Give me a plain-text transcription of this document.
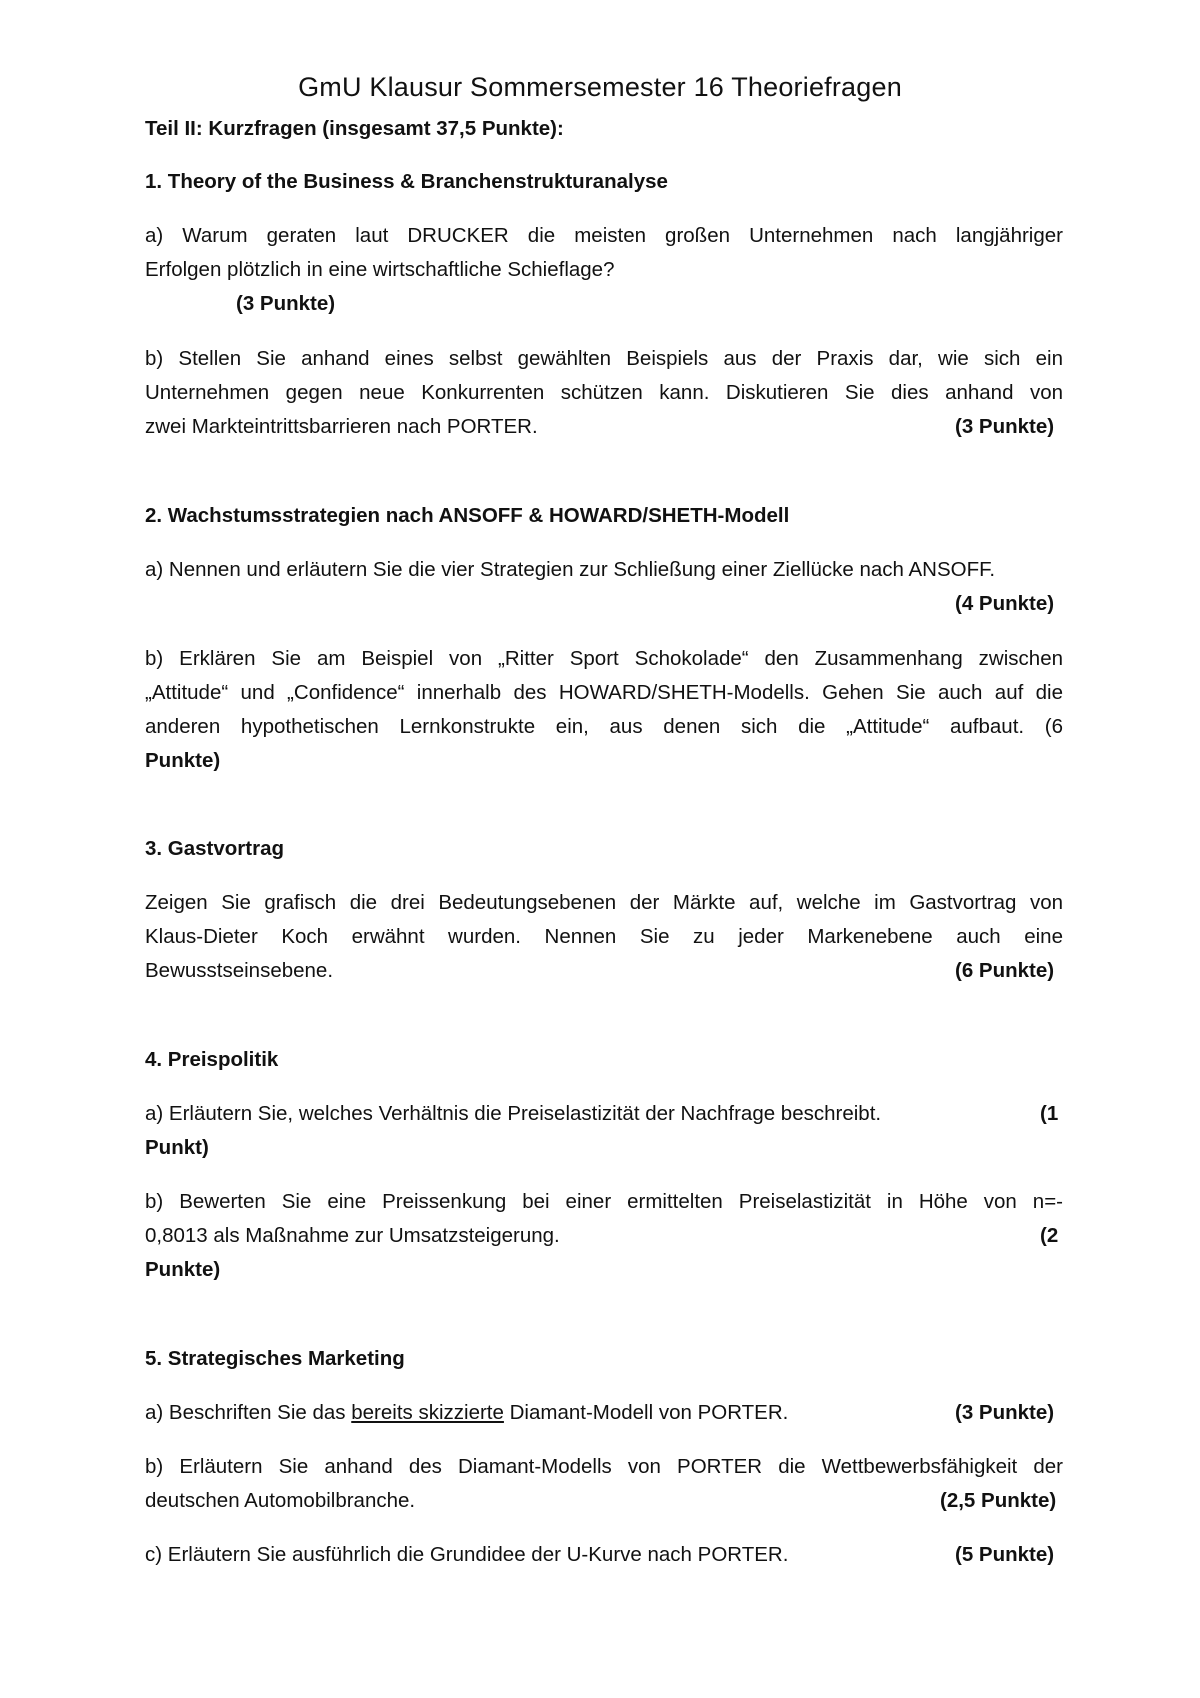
GmU Klausur Sommersemester 16 Theoriefragen
Teil II: Kurzfragen (insgesamt 37,5 Punkte):
1. Theory of the Business & Branchenstrukturanalyse
a) Warum geraten laut DRUCKER die meisten großen Unternehmen nach langjähriger
Erfolgen plötzlich in eine wirtschaftliche Schieflage?
(3 Punkte)
b) Stellen Sie anhand eines selbst gewählten Beispiels aus der Praxis dar, wie sich ein
Unternehmen gegen neue Konkurrenten schützen kann. Diskutieren Sie dies anhand von
zwei Markteintrittsbarrieren nach PORTER.	(3 Punkte)
2. Wachstumsstrategien nach ANSOFF & HOWARD/SHETH-Modell
a) Nennen und erläutern Sie die vier Strategien zur Schließung einer Ziellücke nach ANSOFF.
(4 Punkte)
b) Erklären Sie am Beispiel von „Ritter Sport Schokolade“ den Zusammenhang zwischen
„Attitude“ und „Confidence“ innerhalb des HOWARD/SHETH-Modells. Gehen Sie auch auf die
anderen hypothetischen Lernkonstrukte ein, aus denen sich die „Attitude“ aufbaut. (6
Punkte)
3. Gastvortrag
Zeigen Sie grafisch die drei Bedeutungsebenen der Märkte auf, welche im Gastvortrag von
Klaus-Dieter Koch erwähnt wurden. Nennen Sie zu jeder Markenebene auch eine
Bewusstseinsebene.	(6 Punkte)
4. Preispolitik
a) Erläutern Sie, welches Verhältnis die Preiselastizität der Nachfrage beschreibt.	(1
Punkt)
b) Bewerten Sie eine Preissenkung bei einer ermittelten Preiselastizität in Höhe von n=-
0,8013 als Maßnahme zur Umsatzsteigerung.	(2
Punkte)
5. Strategisches Marketing
a) Beschriften Sie das bereits skizzierte Diamant-Modell von PORTER.	(3 Punkte)
b) Erläutern Sie anhand des Diamant-Modells von PORTER die Wettbewerbsfähigkeit der
deutschen Automobilbranche.	(2,5 Punkte)
c) Erläutern Sie ausführlich die Grundidee der U-Kurve nach PORTER.	(5 Punkte)
